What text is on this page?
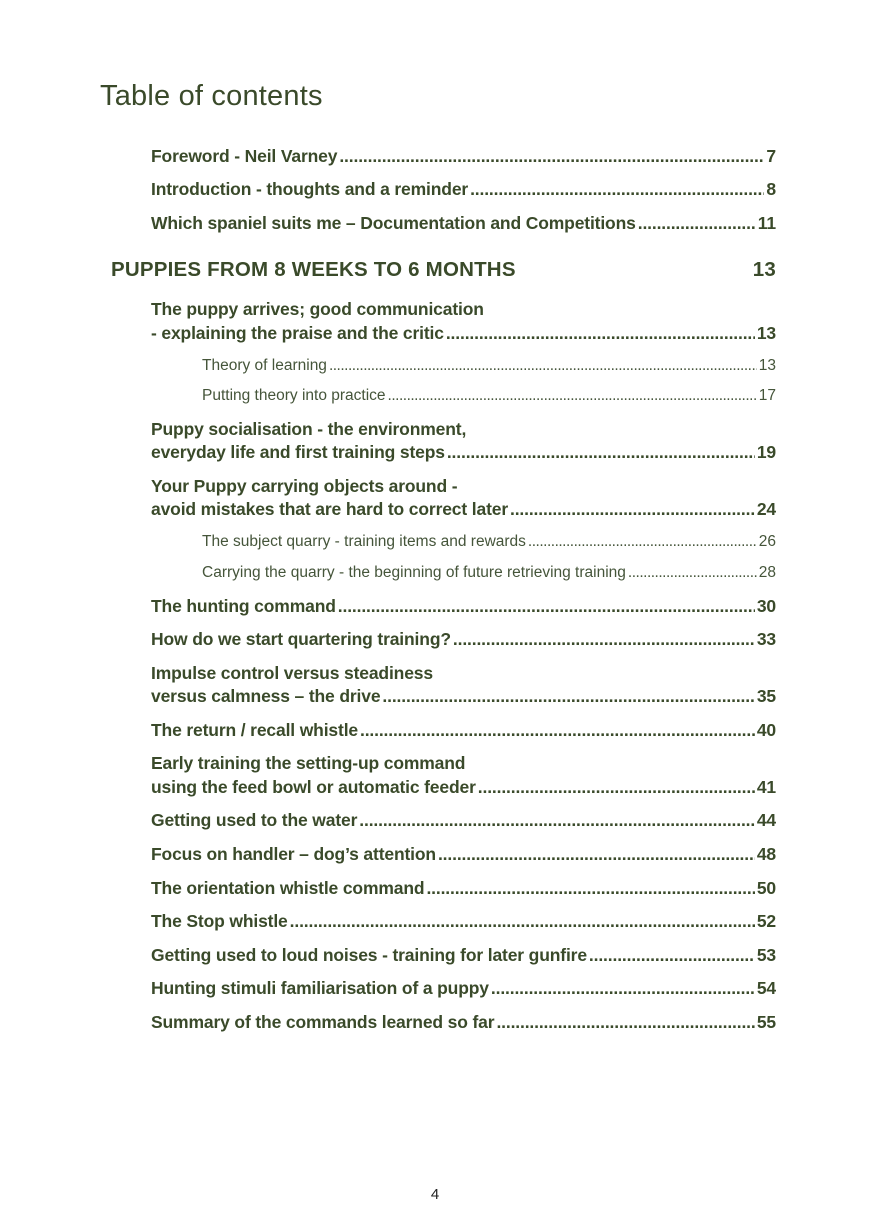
Table of contents
Foreword - Neil Varney .....	7
Introduction - thoughts and a reminder .....	8
Which spaniel suits me – Documentation and Competitions .....	11
PUPPIES FROM 8 WEEKS TO 6 MONTHS	13
The puppy arrives; good communication
- explaining the praise and the critic .....	13
Theory of learning .....	13
Putting theory into practice .....	17
Puppy socialisation - the environment,
everyday life and first training steps .....	19
Your Puppy carrying objects around -
avoid mistakes that are hard to correct later .....	24
The subject quarry - training items and rewards .....	26
Carrying the quarry - the beginning of future retrieving training .....	28
The hunting command .....	30
How do we start quartering training? .....	33
Impulse control versus steadiness
versus calmness – the drive .....	35
The return / recall whistle .....	40
Early training the setting-up command
using the feed bowl or automatic feeder .....	41
Getting used to the water .....	44
Focus on handler – dog’s attention .....	48
The orientation whistle command .....	50
The Stop whistle .....	52
Getting used to loud noises - training for later gunfire .....	53
Hunting stimuli familiarisation of a puppy .....	54
Summary of the commands learned so far .....	55
4
